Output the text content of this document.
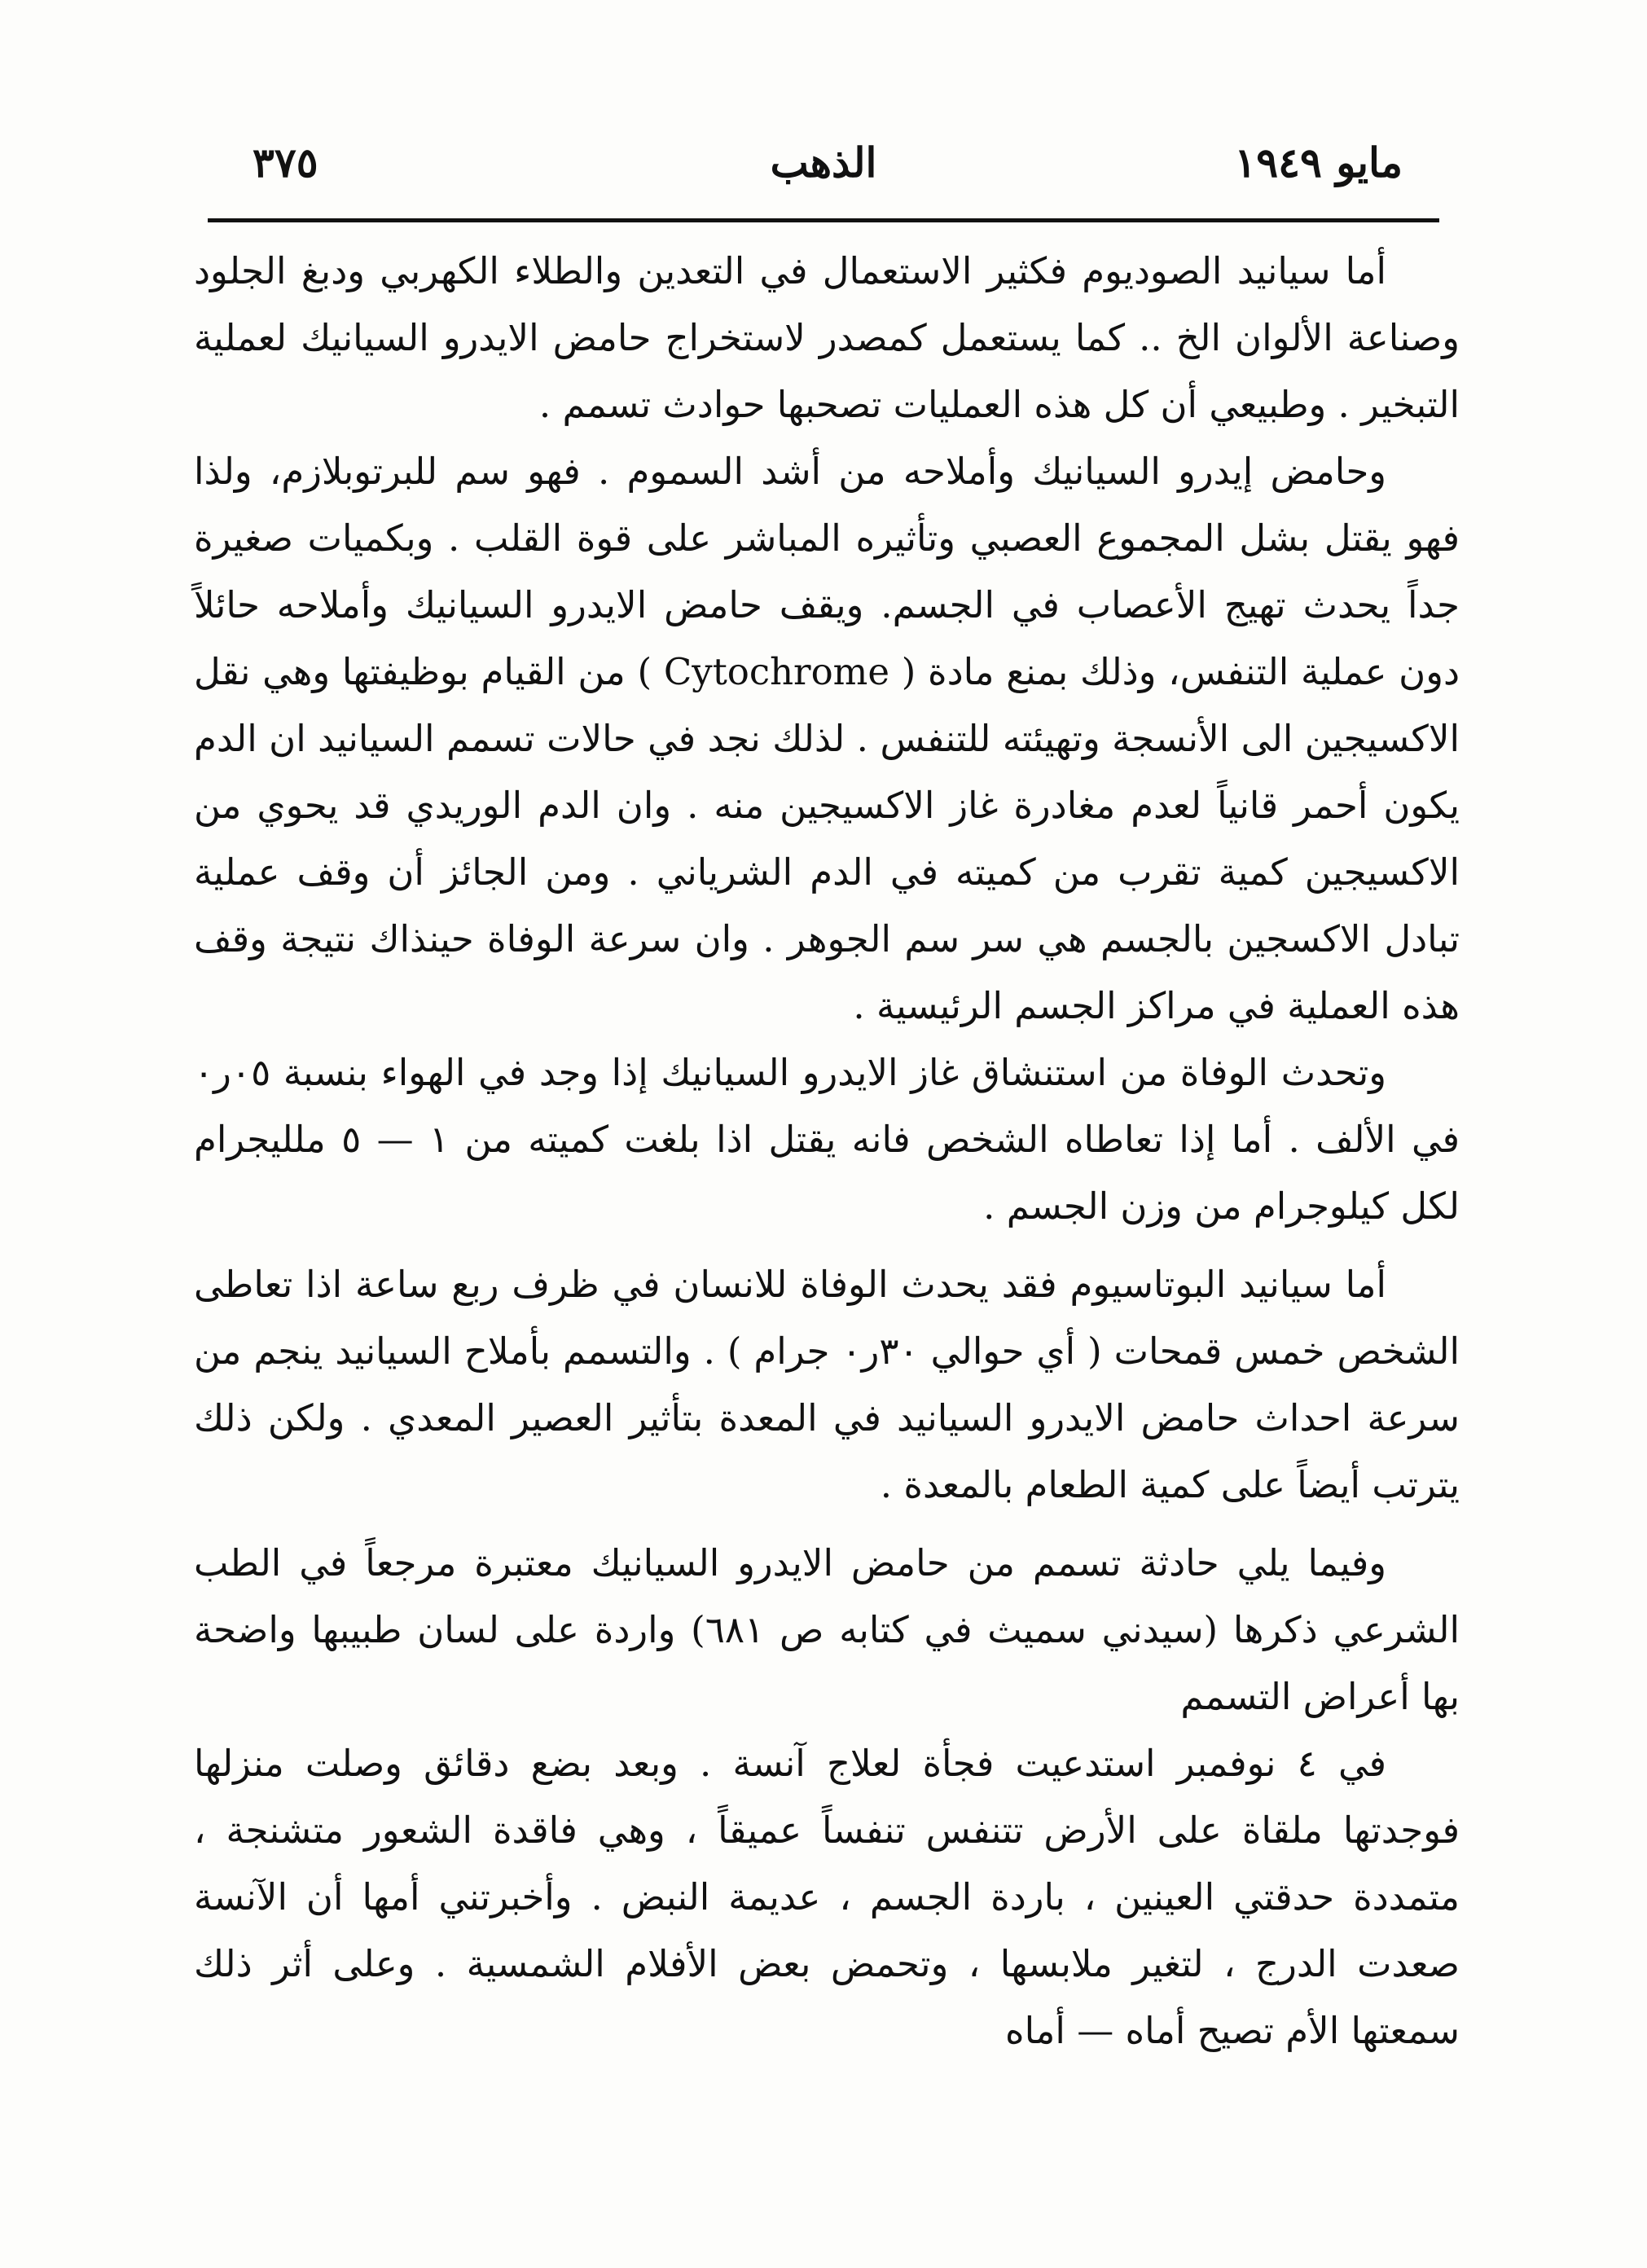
مايو ١٩٤٩
الذهب
٣٧٥

أما سيانيد الصوديوم فكثير الاستعمال في التعدين والطلاء الكهربي ودبغ الجلود وصناعة الألوان الخ .. كما يستعمل كمصدر لاستخراج حامض الايدرو السيانيك لعملية التبخير . وطبيعي أن كل هذه العمليات تصحبها حوادث تسمم .

وحامض إيدرو السيانيك وأملاحه من أشد السموم . فهو سم للبرتوبلازم، ولذا فهو يقتل بشل المجموع العصبي وتأثيره المباشر على قوة القلب . وبكميات صغيرة جداً يحدث تهيج الأعصاب في الجسم. ويقف حامض الايدرو السيانيك وأملاحه حائلاً دون عملية التنفس، وذلك بمنع مادة ( Cytochrome ) من القيام بوظيفتها وهي نقل الاكسيجين الى الأنسجة وتهيئته للتنفس . لذلك نجد في حالات تسمم السيانيد ان الدم يكون أحمر قانياً لعدم مغادرة غاز الاكسيجين منه . وان الدم الوريدي قد يحوي من الاكسيجين كمية تقرب من كميته في الدم الشرياني . ومن الجائز أن وقف عملية تبادل الاكسجين بالجسم هي سر سم الجوهر . وان سرعة الوفاة حينذاك نتيجة وقف هذه العملية في مراكز الجسم الرئيسية .

وتحدث الوفاة من استنشاق غاز الايدرو السيانيك إذا وجد في الهواء بنسبة ٠٥ر٠ في الألف . أما إذا تعاطاه الشخص فانه يقتل اذا بلغت كميته من ١ — ٥ ملليجرام لكل كيلوجرام من وزن الجسم .

أما سيانيد البوتاسيوم فقد يحدث الوفاة للانسان في ظرف ربع ساعة اذا تعاطى الشخص خمس قمحات ( أي حوالي ٣٠ر٠ جرام ) . والتسمم بأملاح السيانيد ينجم من سرعة احداث حامض الايدرو السيانيد في المعدة بتأثير العصير المعدي . ولكن ذلك يترتب أيضاً على كمية الطعام بالمعدة .

وفيما يلي حادثة تسمم من حامض الايدرو السيانيك معتبرة مرجعاً في الطب الشرعي ذكرها (سيدني سميث في كتابه ص ٦٨١) واردة على لسان طبيبها واضحة بها أعراض التسمم

في ٤ نوفمبر استدعيت فجأة لعلاج آنسة . وبعد بضع دقائق وصلت منزلها فوجدتها ملقاة على الأرض تتنفس تنفساً عميقاً ، وهي فاقدة الشعور متشنجة ، متمددة حدقتي العينين ، باردة الجسم ، عديمة النبض . وأخبرتني أمها أن الآنسة صعدت الدرج ، لتغير ملابسها ، وتحمض بعض الأفلام الشمسية . وعلى أثر ذلك سمعتها الأم تصيح أماه — أماه
